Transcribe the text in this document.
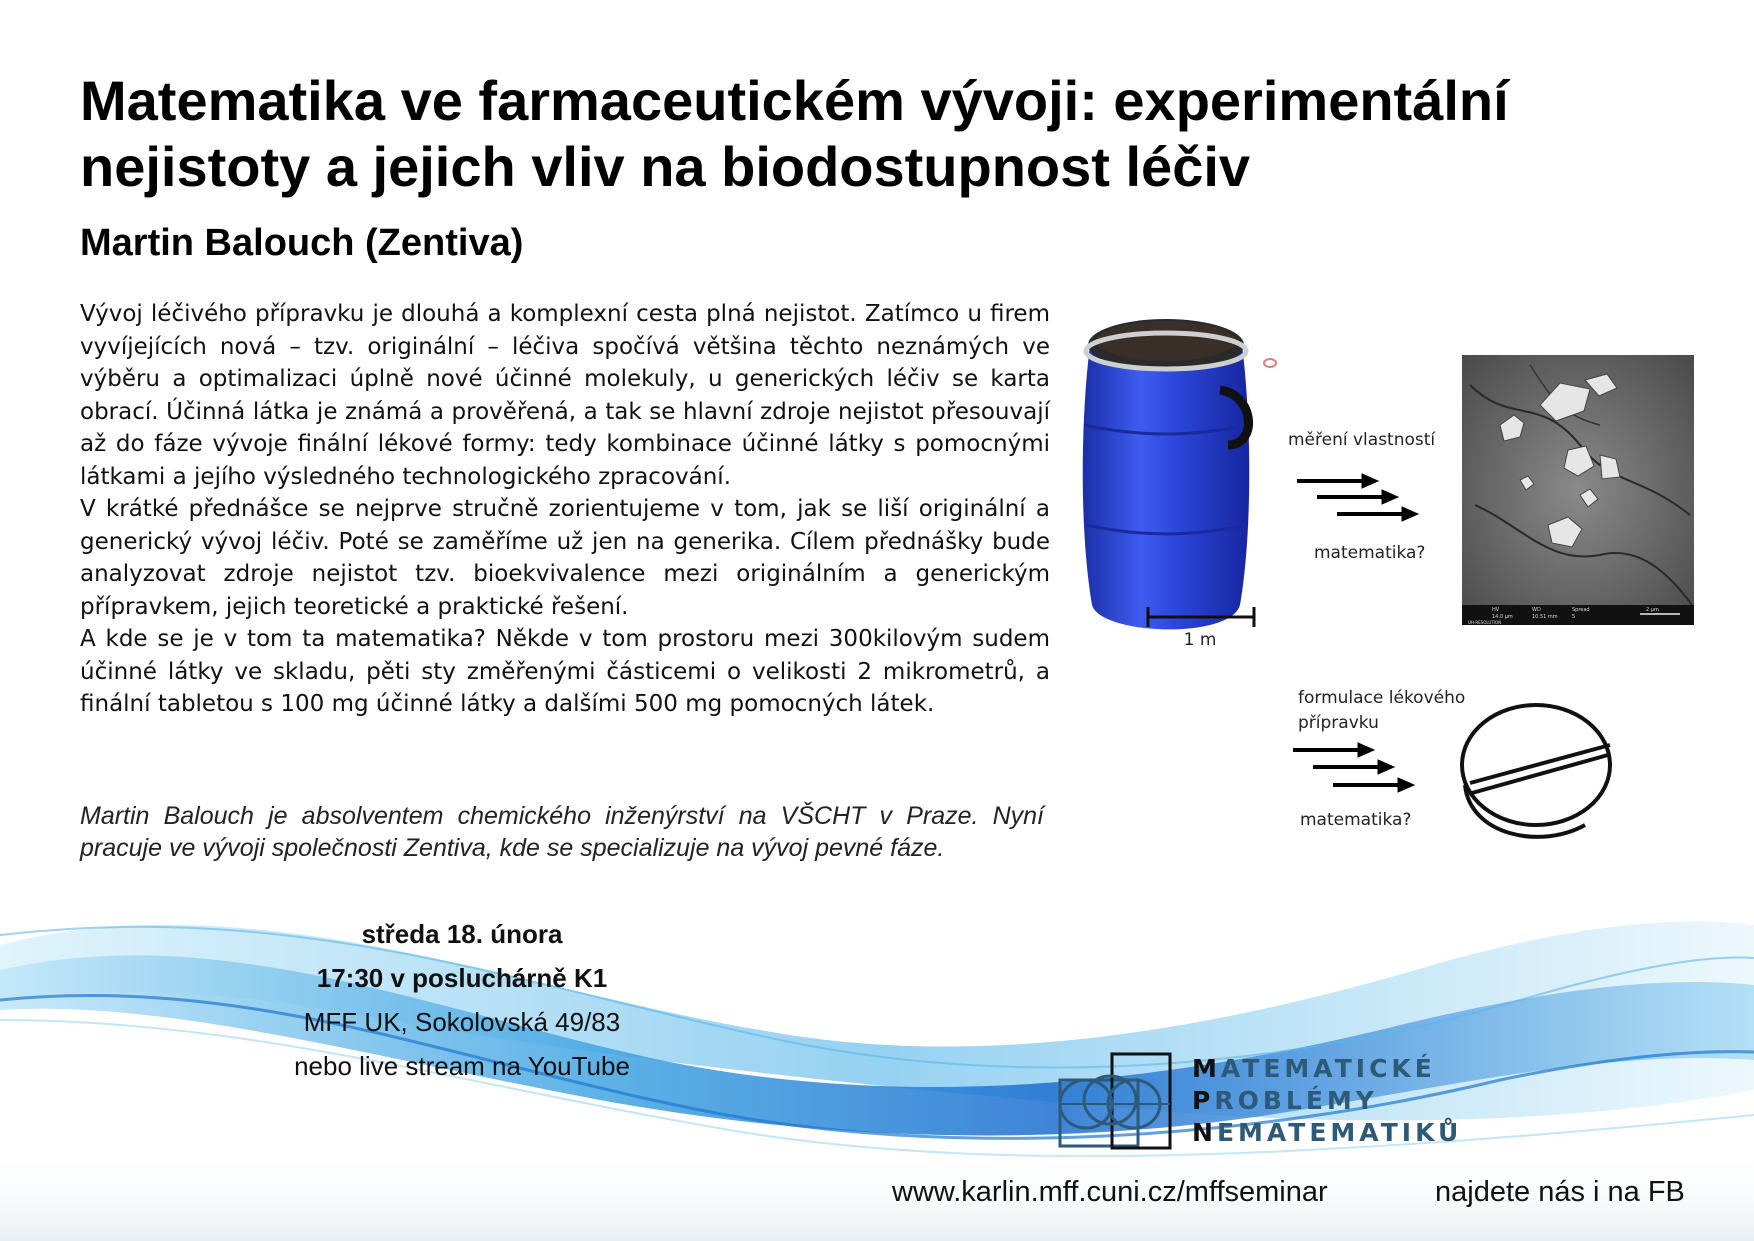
Matematika ve farmaceutickém vývoji: experimentální nejistoty a jejich vliv na biodostupnost léčiv
Martin Balouch (Zentiva)

Vývoj léčivého přípravku je dlouhá a komplexní cesta plná nejistot. Zatímco u firem vyvíjejících nová – tzv. originální – léčiva spočívá většina těchto neznámých ve výběru a optimalizaci úplně nové účinné molekuly, u generických léčiv se karta obrací. Účinná látka je známá a prověřená, a tak se hlavní zdroje nejistot přesouvají až do fáze vývoje finální lékové formy: tedy kombinace účinné látky s pomocnými látkami a jejího výsledného technologického zpracování.

V krátké přednášce se nejprve stručně zorientujeme v tom, jak se liší originální a generický vývoj léčiv. Poté se zaměříme už jen na generika. Cílem přednášky bude analyzovat zdroje nejistot tzv. bioekvivalence mezi originálním a generickým přípravkem, jejich teoretické a praktické řešení.

A kde se je v tom ta matematika? Někde v tom prostoru mezi 300kilovým sudem účinné látky ve skladu, pěti sty změřenými částicemi o velikosti 2 mikrometrů, a finální tabletou s 100 mg účinné látky a dalšími 500 mg pomocných látek.

Martin Balouch je absolventem chemického inženýrství na VŠCHT v Praze. Nyní pracuje ve vývoji společnosti Zentiva, kde se specializuje na vývoj pevné fáze.

středa 18. února
17:30 v posluchárně K1
MFF UK, Sokolovská 49/83
nebo live stream na YouTube
1 m
měření vlastností
matematika?
HV
14.0 µm
WD
10.51 mm
Spread
5
2 µm
UH-RESOLUTION
formulace lékového
přípravku
matematika?
MATEMATICKÉ
PROBLÉMY
NEMATEMATIKŮ
www.karlin.mff.cuni.cz/mffseminar	najdete nás i na FB
